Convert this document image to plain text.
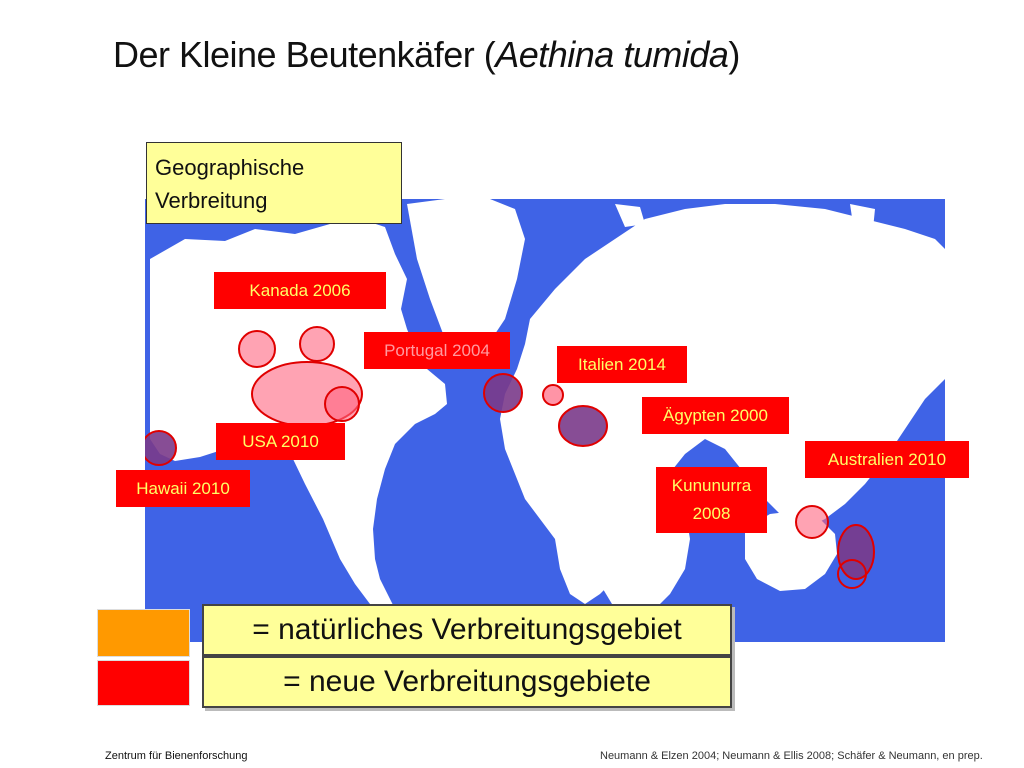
Der Kleine Beutenkäfer (Aethina tumida)
Geographische Verbreitung
Kanada 2006
Portugal 2004
Italien 2014
Ägypten 2000
USA 2010
Hawaii 2010
Australien 2010
Kununurra
2008
= natürliches Verbreitungsgebiet
= neue Verbreitungsgebiete
Zentrum für Bienenforschung	Neumann & Elzen 2004; Neumann & Ellis 2008; Schäfer & Neumann, en prep.
